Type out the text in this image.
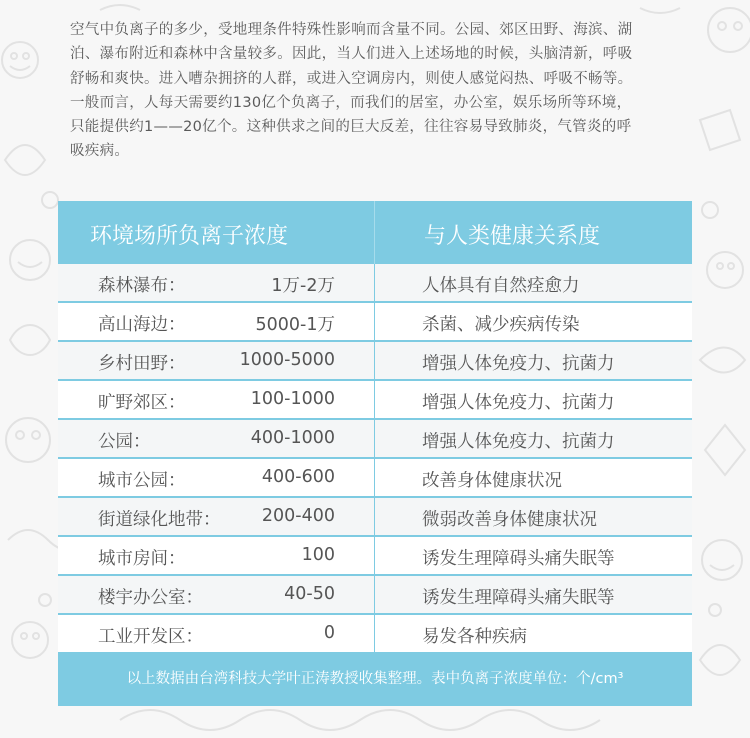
空气中负离子的多少，受地理条件特殊性影响而含量不同。公园、郊区田野、海滨、湖

泊、瀑布附近和森林中含量较多。因此，当人们进入上述场地的时候，头脑清新，呼吸

舒畅和爽快。进入嘈杂拥挤的人群，或进入空调房内，则使人感觉闷热、呼吸不畅等。

一般而言，人每天需要约130亿个负离子，而我们的居室，办公室，娱乐场所等环境，

只能提供约1——20亿个。这种供求之间的巨大反差，往往容易导致肺炎，气管炎的呼

吸疾病。

环境场所负离子浓度	与人类健康关系度
森林瀑布：	1万-2万	人体具有自然痊愈力
高山海边：	5000-1万	杀菌、减少疾病传染
乡村田野：	1000-5000	增强人体免疫力、抗菌力
旷野郊区：	100-1000	增强人体免疫力、抗菌力
公园：	400-1000	增强人体免疫力、抗菌力
城市公园：	400-600	改善身体健康状况
街道绿化地带： 200-400	微弱改善身体健康状况
城市房间：	100	诱发生理障碍头痛失眠等
楼宇办公室：	40-50	诱发生理障碍头痛失眠等
工业开发区：	0	易发各种疾病
以上数据由台湾科技大学叶正涛教授收集整理。表中负离子浓度单位：个/cm³
